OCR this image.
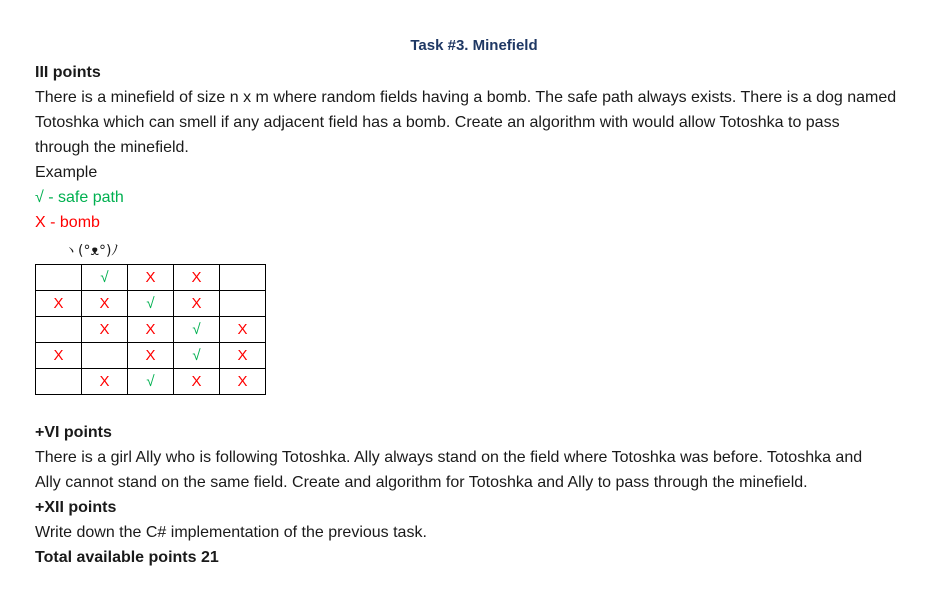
Task #3. Minefield
III points
There is a minefield of size n x m where random fields having a bomb. The safe path always exists. There is a dog named
Totoshka which can smell if any adjacent field has a bomb. Create an algorithm with would allow Totoshka to pass
through the minefield.
Example
√ - safe path
X - bomb
ヽ(°ᴥ°)ﾉ
	√	X	X	
X	X	√	X	
	X	X	√	X
X		X	√	X
	X	√	X	X
+VI points
There is a girl Ally who is following Totoshka. Ally always stand on the field where Totoshka was before. Totoshka and
Ally cannot stand on the same field. Create and algorithm for Totoshka and Ally to pass through the minefield.
+XII points
Write down the C# implementation of the previous task.
Total available points 21
